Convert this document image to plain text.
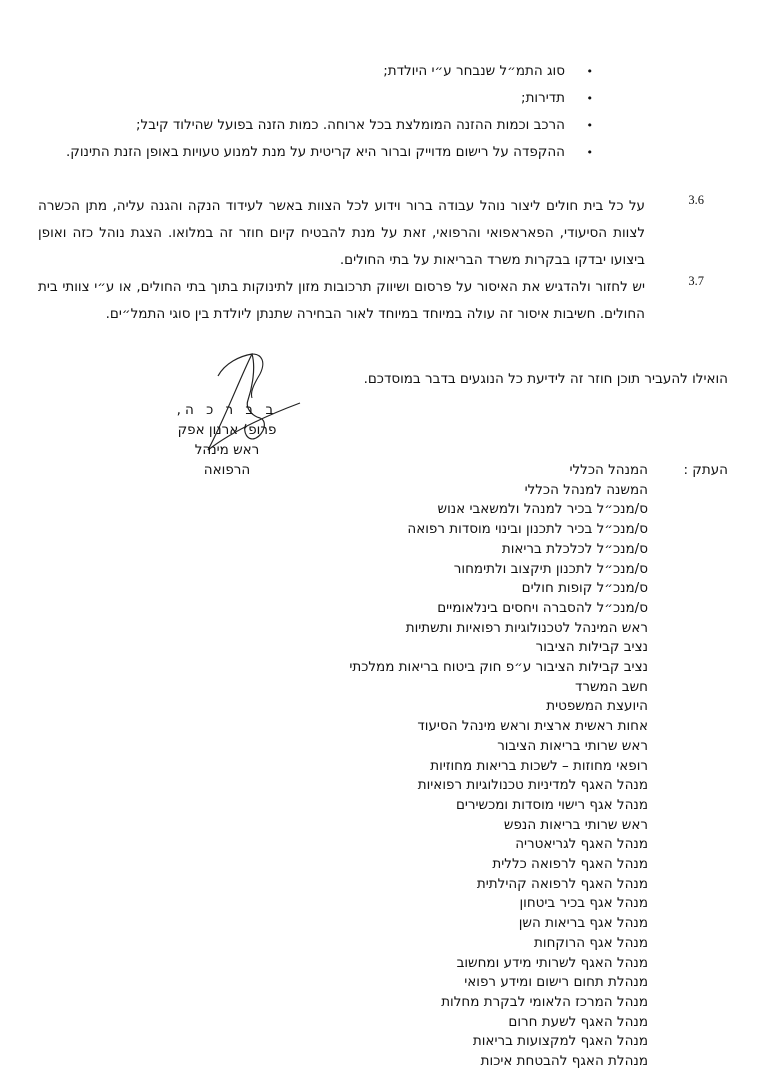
•
סוג התמ״ל שנבחר ע״י היולדת;
•
תדירות;
•
הרכב וכמות ההזנה המומלצת בכל ארוחה. כמות הזנה בפועל שהילוד קיבל;
•
ההקפדה על רישום מדוייק וברור היא קריטית על מנת למנוע טעויות באופן הזנת התינוק.
3.6
על כל בית חולים ליצור נוהל עבודה ברור וידוע לכל הצוות באשר לעידוד הנקה והגנה עליה, מתן הכשרה לצוות הסיעודי, הפאראפואי והרפואי, זאת על מנת להבטיח קיום חוזר זה במלואו. הצגת נוהל כזה ואופן ביצועו יבדקו בבקרות משרד הבריאות על בתי החולים.
3.7
יש לחזור ולהדגיש את האיסור על פרסום ושיווק תרכובות מזון לתינוקות בתוך בתי החולים, או ע״י צוותי בית החולים. חשיבות איסור זה עולה במיוחד במיוחד לאור הבחירה שתנתן ליולדת בין סוגי התמל״ים.
הואילו להעביר תוכן חוזר זה לידיעת כל הנוגעים בדבר במוסדכם.
ב ב ר כ ה,
פרופ׳ ארנון אפק
ראש מינהל הרפואה	העתק :
המנהל הכללי
המשנה למנהל הכללי
ס/מנכ״ל בכיר למנהל ולמשאבי אנוש
ס/מנכ״ל בכיר לתכנון ובינוי מוסדות רפואה
ס/מנכ״ל לכלכלת בריאות
ס/מנכ״ל לתכנון תיקצוב ולתימחור
ס/מנכ״ל קופות חולים
ס/מנכ״ל להסברה ויחסים בינלאומיים
ראש המינהל לטכנולוגיות רפואיות ותשתיות
נציב קבילות הציבור
נציב קבילות הציבור ע״פ חוק ביטוח בריאות ממלכתי
חשב המשרד
היועצת המשפטית
אחות ראשית ארצית וראש מינהל הסיעוד
ראש שרותי בריאות הציבור
רופאי מחוזות – לשכות בריאות מחוזיות
מנהל האגף למדיניות טכנולוגיות רפואיות
מנהל אגף רישוי מוסדות ומכשירים
ראש שרותי בריאות הנפש
מנהל האגף לגריאטריה
מנהל האגף לרפואה כללית
מנהל האגף לרפואה קהילתית
מנהל אגף בכיר ביטחון
מנהל אגף בריאות השן
מנהל אגף הרוקחות
מנהל האגף לשרותי מידע ומחשוב
מנהלת תחום רישום ומידע רפואי
מנהל המרכז הלאומי לבקרת מחלות
מנהל האגף לשעת חרום
מנהל האגף למקצועות בריאות
מנהלת האגף להבטחת איכות
